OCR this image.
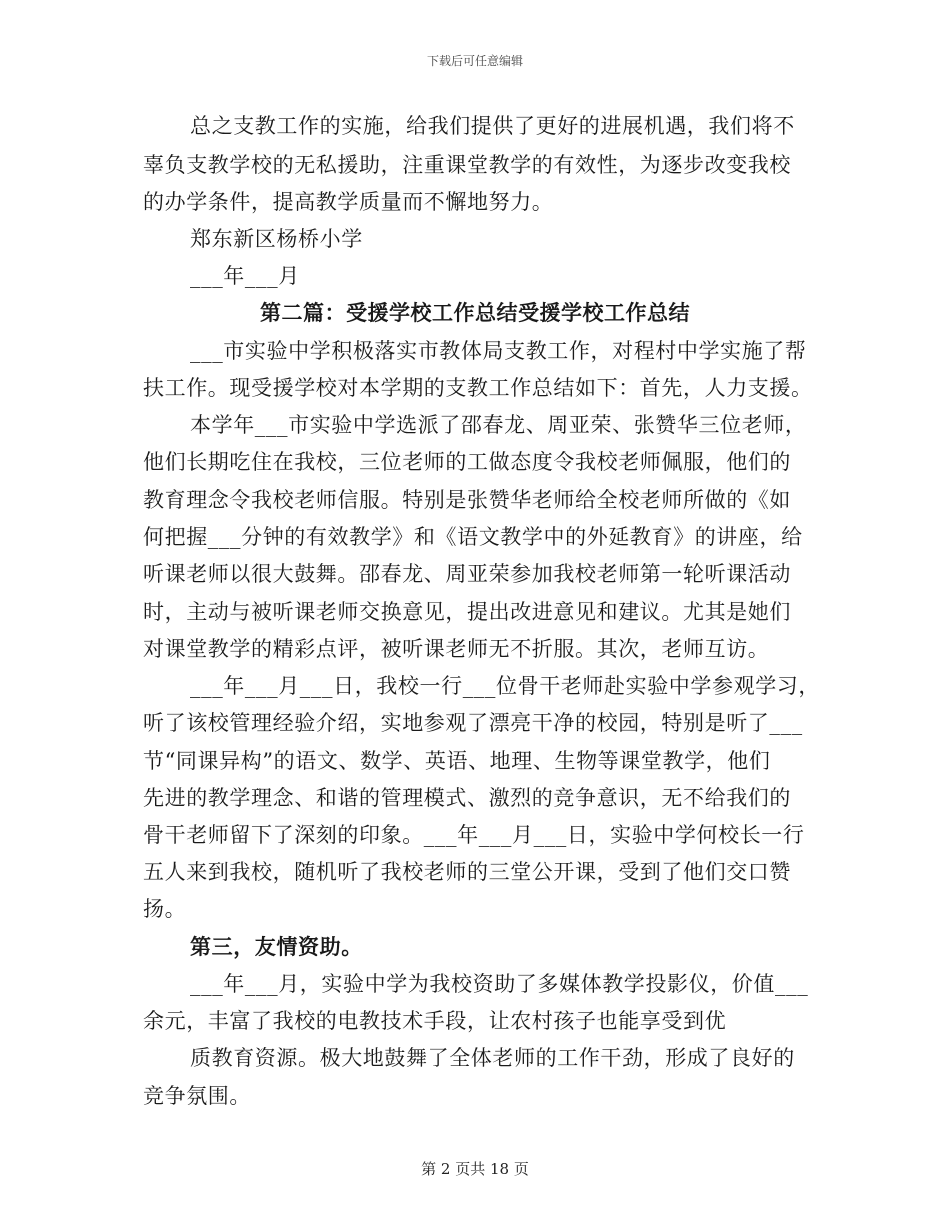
下载后可任意编辑
总之支教工作的实施，给我们提供了更好的进展机遇，我们将不
辜负支教学校的无私援助，注重课堂教学的有效性，为逐步改变我校
的办学条件，提高教学质量而不懈地努力。
郑东新区杨桥小学
___年___月
第二篇：受援学校工作总结受援学校工作总结
___市实验中学积极落实市教体局支教工作，对程村中学实施了帮
扶工作。现受援学校对本学期的支教工作总结如下：首先，人力支援。
本学年___市实验中学选派了邵春龙、周亚荣、张赞华三位老师，
他们长期吃住在我校，三位老师的工做态度令我校老师佩服，他们的
教育理念令我校老师信服。特别是张赞华老师给全校老师所做的《如
何把握___分钟的有效教学》和《语文教学中的外延教育》的讲座，给
听课老师以很大鼓舞。邵春龙、周亚荣参加我校老师第一轮听课活动
时，主动与被听课老师交换意见，提出改进意见和建议。尤其是她们
对课堂教学的精彩点评，被听课老师无不折服。其次，老师互访。
___年___月___日，我校一行___位骨干老师赴实验中学参观学习，
听了该校管理经验介绍，实地参观了漂亮干净的校园，特别是听了___
节“同课异构”的语文、数学、英语、地理、生物等课堂教学，他们
先进的教学理念、和谐的管理模式、激烈的竞争意识，无不给我们的
骨干老师留下了深刻的印象。___年___月___日，实验中学何校长一行
五人来到我校，随机听了我校老师的三堂公开课，受到了他们交口赞
扬。
第三，友情资助。
___年___月，实验中学为我校资助了多媒体教学投影仪，价值___
余元，丰富了我校的电教技术手段，让农村孩子也能享受到优
质教育资源。极大地鼓舞了全体老师的工作干劲，形成了良好的
竞争氛围。
第 2 页共 18 页
